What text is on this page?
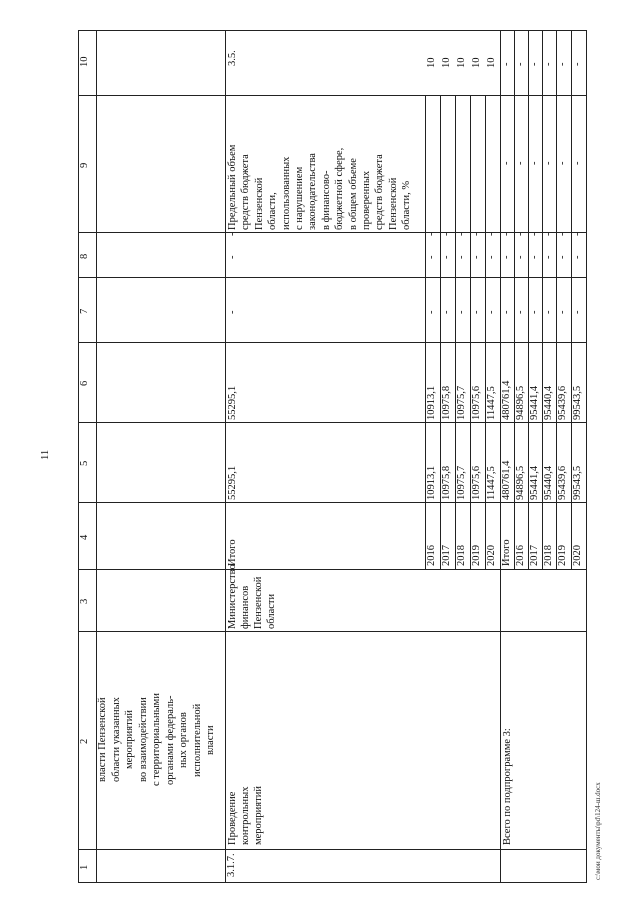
11
1
2
3
4
5
6
7
8
9
10
власти Пензенской области указанных мероприятий во взаимодействии с территориальными органами федераль- ных органов исполнительной власти
3.1.7.
Проведение контрольных мероприятий
Министерство финансов Пензенской области
Итого
55295,1
55295,1
-
-
-
Предельный объем средств бюджета Пензенской области, использованных с нарушением законодательства в финансово- бюджетной сфере, в общем объеме проверенных средств бюджета Пензенской области, %
3.5.
2016
10913,1
10913,1
-
-
-
10
2017
10975,8
10975,8
-
-
-
10
2018
10975,7
10975,7
-
-
-
10
2019
10975,6
10975,6
-
-
-
10
2020
11447,5
11447,5
-
-
-
10
Всего по подпрограмме 3:
Итого
480761,4
480761,4
-
-
-
-
-
2016
94896,5
94896,5
-
-
-
-
-
2017
95441,4
95441,4
-
-
-
-
-
2018
95440,4
95440,4
-
-
-
-
-
2019
95439,6
95439,6
-
-
-
-
-
2020
99543,5
99543,5
-
-
-
-
-
c:\мои документы\pd\124-ш.docx
